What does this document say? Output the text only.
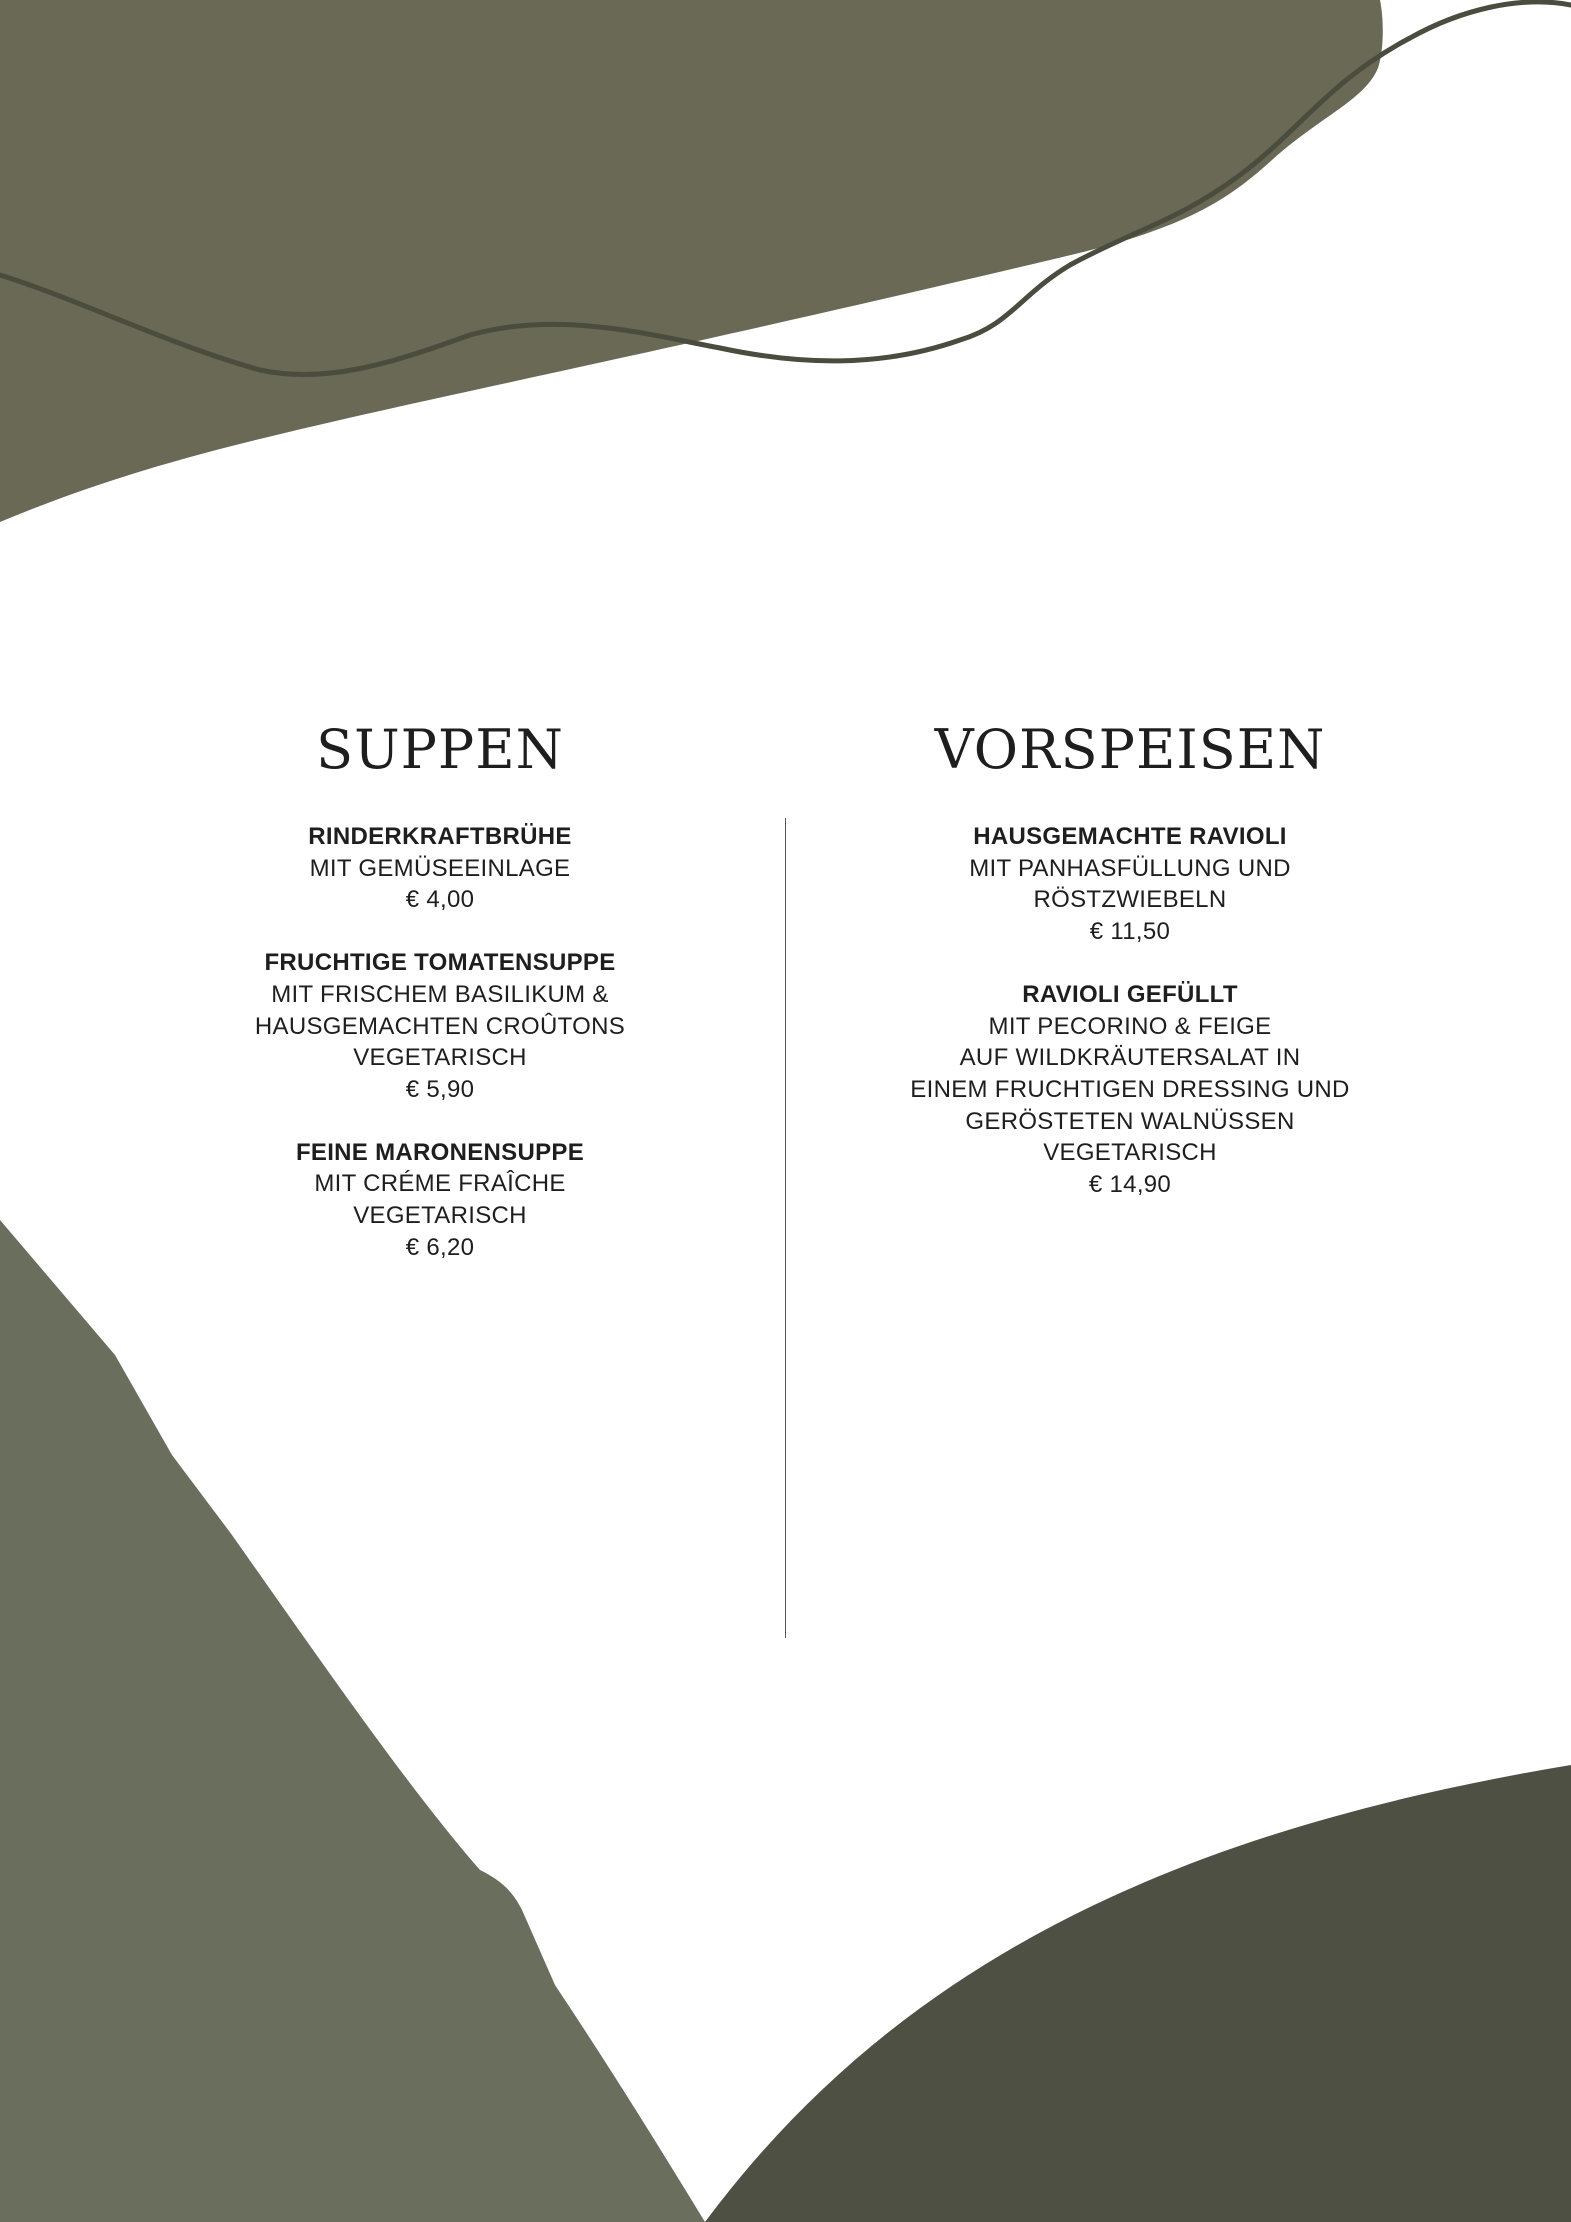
SUPPEN
RINDERKRAFTBRÜHE
MIT GEMÜSEEINLAGE
€ 4,00
FRUCHTIGE TOMATENSUPPE
MIT FRISCHEM BASILIKUM &
HAUSGEMACHTEN CROÛTONS
VEGETARISCH
€ 5,90
FEINE MARONENSUPPE
MIT CRÉME FRAÎCHE
VEGETARISCH
€ 6,20
VORSPEISEN
HAUSGEMACHTE RAVIOLI
MIT PANHASFÜLLUNG UND
RÖSTZWIEBELN
€ 11,50
RAVIOLI GEFÜLLT
MIT PECORINO & FEIGE
AUF WILDKRÄUTERSALAT IN
EINEM FRUCHTIGEN DRESSING UND
GERÖSTETEN WALNÜSSEN
VEGETARISCH
€ 14,90
